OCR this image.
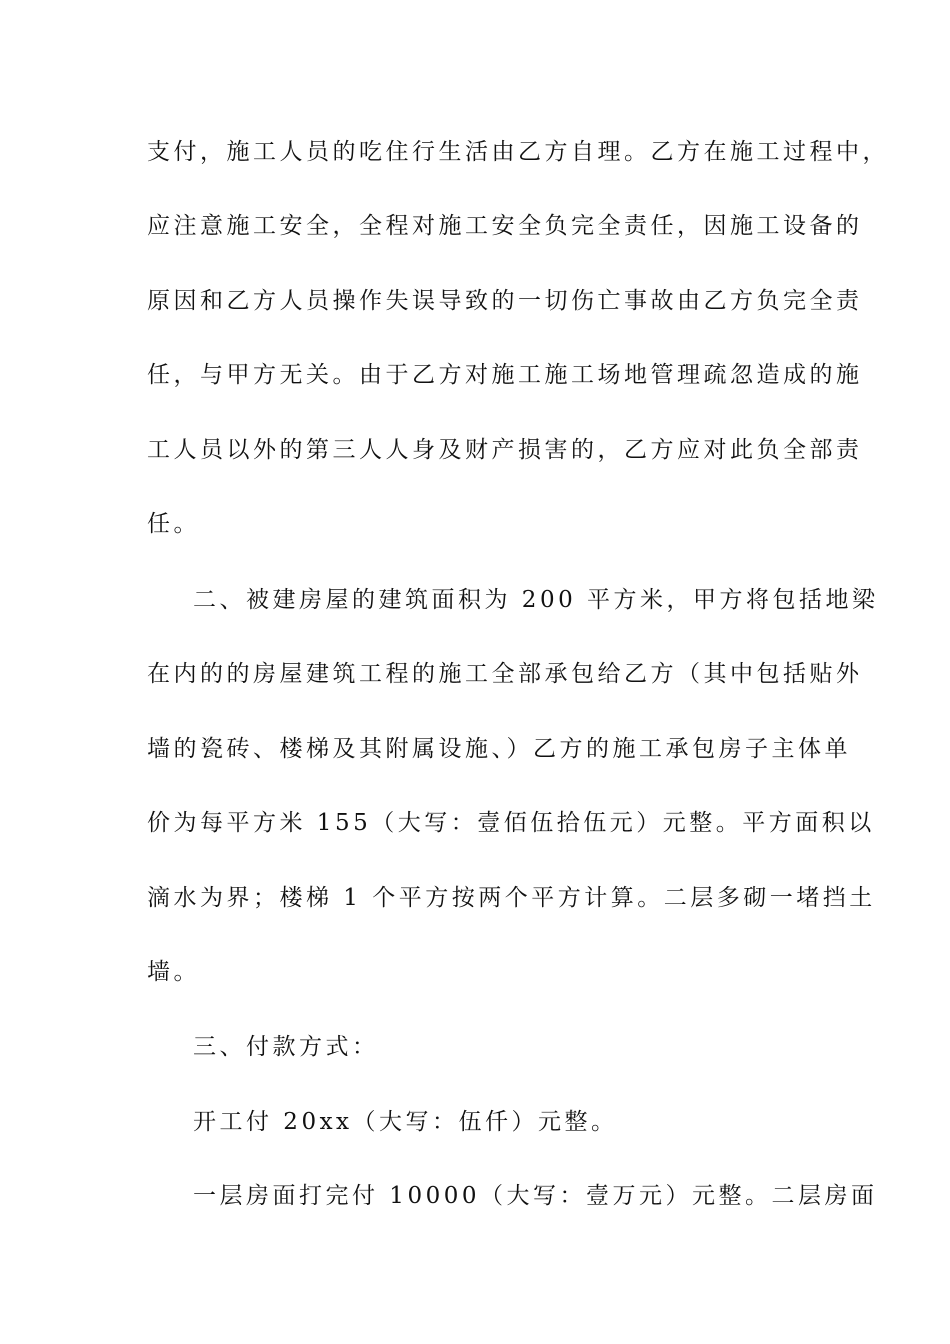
支付，施工人员的吃住行生活由乙方自理。乙方在施工过程中，
应注意施工安全，全程对施工安全负完全责任，因施工设备的
原因和乙方人员操作失误导致的一切伤亡事故由乙方负完全责
任，与甲方无关。由于乙方对施工施工场地管理疏忽造成的施
工人员以外的第三人人身及财产损害的，乙方应对此负全部责
任。
二、被建房屋的建筑面积为 200 平方米，甲方将包括地梁
在内的的房屋建筑工程的施工全部承包给乙方（其中包括贴外
墙的瓷砖、楼梯及其附属设施、）乙方的施工承包房子主体单
价为每平方米 155（大写：壹佰伍拾伍元）元整。平方面积以
滴水为界；楼梯 1 个平方按两个平方计算。二层多砌一堵挡土
墙。
三、付款方式：
开工付 20xx（大写：伍仟）元整。
一层房面打完付 10000（大写：壹万元）元整。二层房面
